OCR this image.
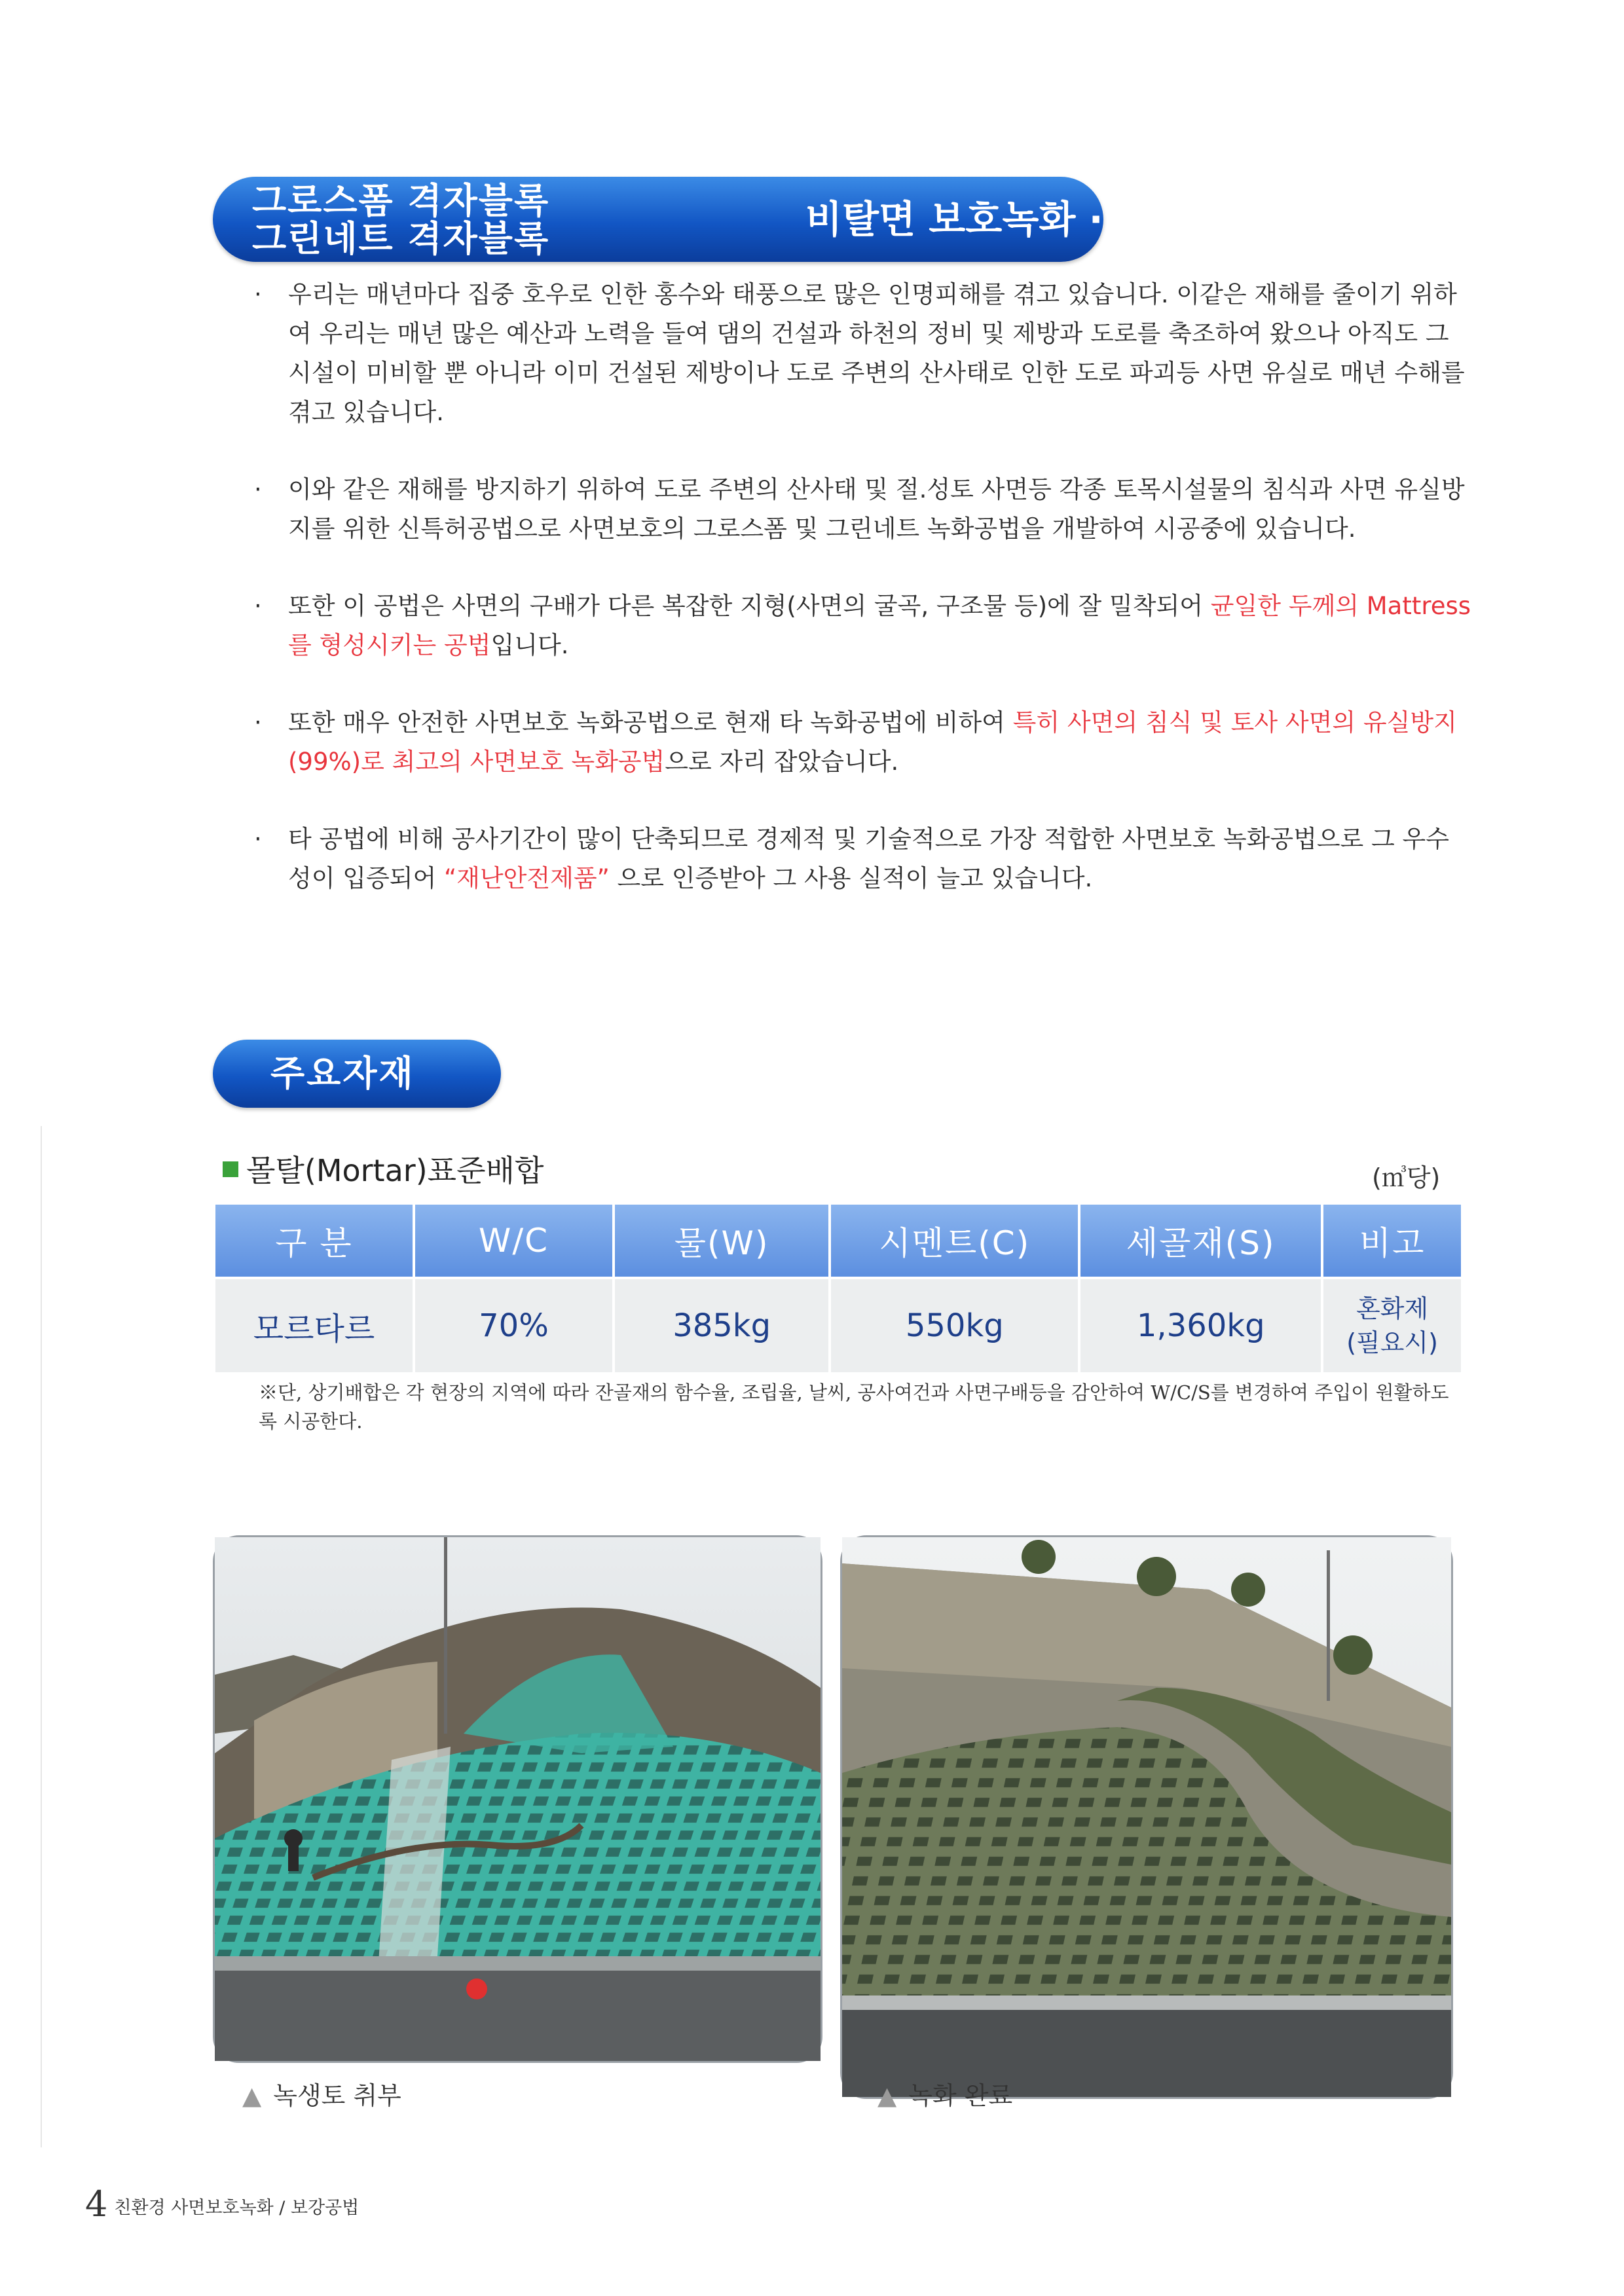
그로스폼 격자블록
그린네트 격자블록	비탈면 보호녹화 · 보강 공법
· 우리는 매년마다 집중 호우로 인한 홍수와 태풍으로 많은 인명피해를 겪고 있습니다. 이같은 재해를 줄이기 위하여 우리는 매년 많은 예산과 노력을 들여 댐의 건설과 하천의 정비 및 제방과 도로를 축조하여 왔으나 아직도 그 시설이 미비할 뿐 아니라 이미 건설된 제방이나 도로 주변의 산사태로 인한 도로 파괴등 사면 유실로 매년 수해를 겪고 있습니다.
· 이와 같은 재해를 방지하기 위하여 도로 주변의 산사태 및 절.성토 사면등 각종 토목시설물의 침식과 사면 유실방지를 위한 신특허공법으로 사면보호의 그로스폼 및 그린네트 녹화공법을 개발하여 시공중에 있습니다.
· 또한 이 공법은 사면의 구배가 다른 복잡한 지형(사면의 굴곡, 구조물 등)에 잘 밀착되어 균일한 두께의 Mattress를 형성시키는 공법입니다.
· 또한 매우 안전한 사면보호 녹화공법으로 현재 타 녹화공법에 비하여 특히 사면의 침식 및 토사 사면의 유실방지(99%)로 최고의 사면보호 녹화공법으로 자리 잡았습니다.
· 타 공법에 비해 공사기간이 많이 단축되므로 경제적 및 기술적으로 가장 적합한 사면보호 녹화공법으로 그 우수성이 입증되어 “재난안전제품” 으로 인증받아 그 사용 실적이 늘고 있습니다.
주요자재
몰탈(Mortar)표준배합	(㎥당)
구 분	W/C	물(W)	시멘트(C)	세골재(S)	비고
모르타르	70%	385kg	550kg	1,360kg	혼화제
(필요시)
※단, 상기배합은 각 현장의 지역에 따라 잔골재의 함수율, 조립율, 날씨, 공사여건과 사면구배등을 감안하여 W/C/S를 변경하여 주입이 원활하도록 시공한다.
▲ 녹생토 취부	▲ 녹화 완료
4 친환경 사면보호녹화 / 보강공법
